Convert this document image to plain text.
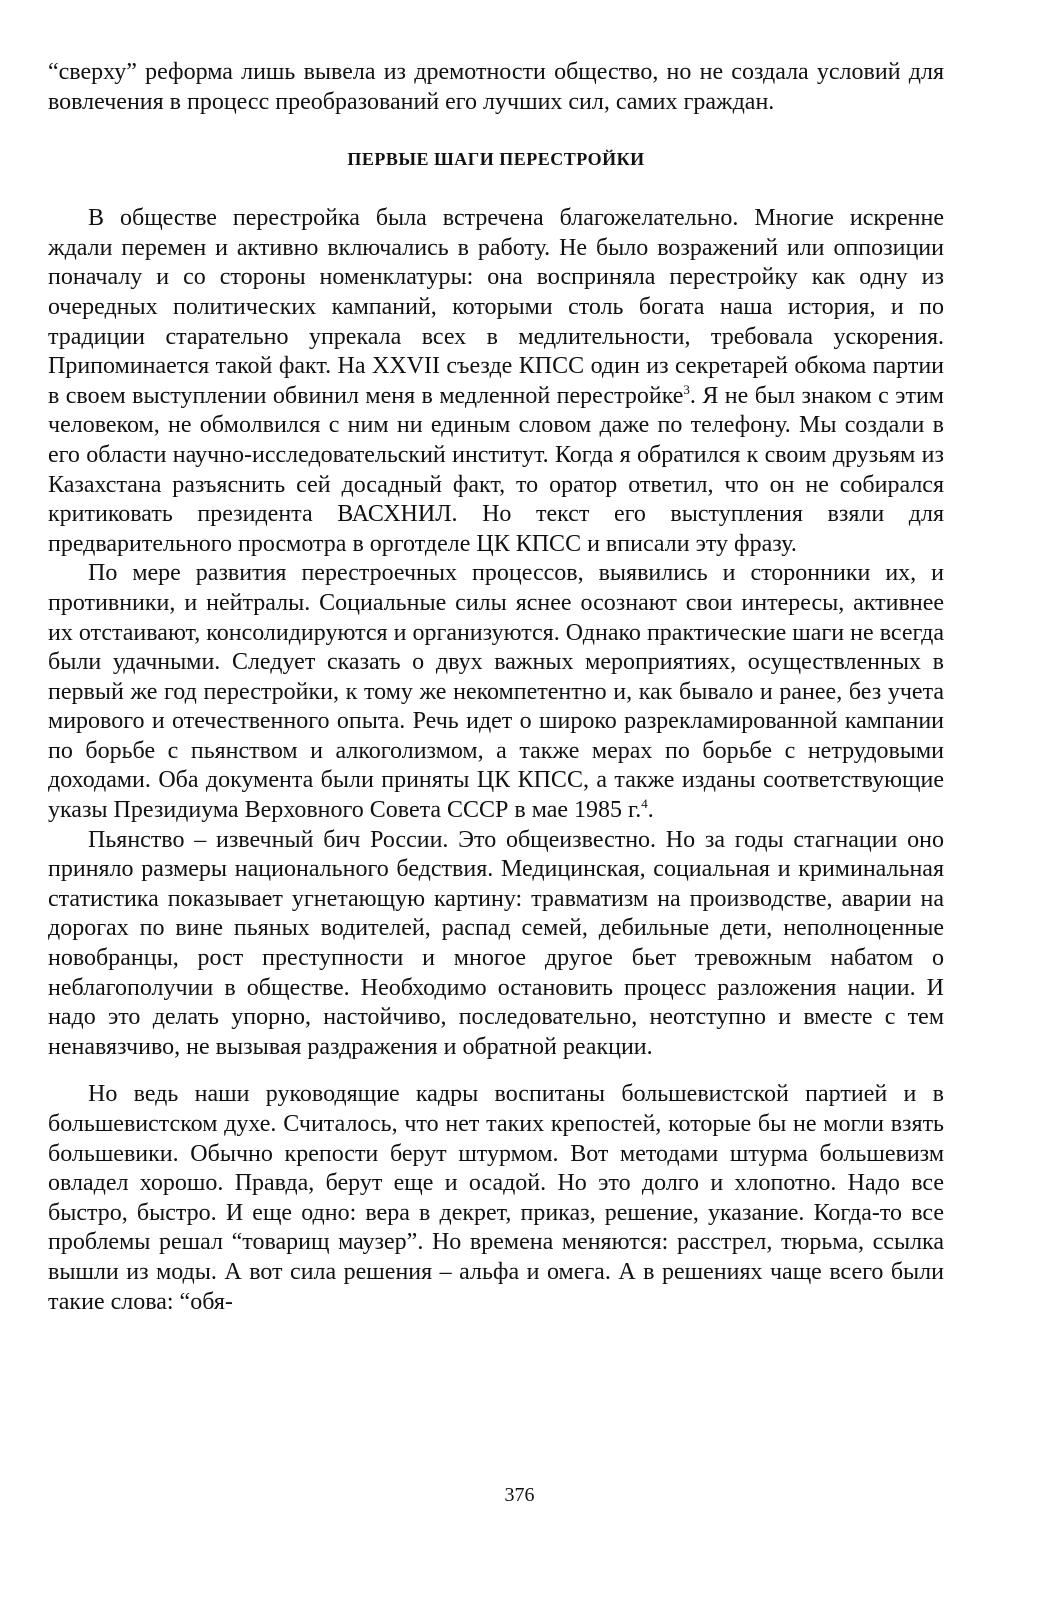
“сверху” реформа лишь вывела из дремотности общество, но не создала условий для вовлечения в процесс преобразований его лучших сил, самих граждан.

ПЕРВЫЕ ШАГИ ПЕРЕСТРОЙКИ

В обществе перестройка была встречена благожелательно. Многие искренне ждали перемен и активно включались в работу. Не было возражений или оппозиции поначалу и со стороны номенклатуры: она восприняла перестройку как одну из очередных политических кампаний, которыми столь богата наша история, и по традиции старательно упрекала всех в медлительности, требовала ускорения. Припоминается такой факт. На XXVII съезде КПСС один из секретарей обкома партии в своем выступлении обвинил меня в медленной перестройке$^3$. Я не был знаком с этим человеком, не обмолвился с ним ни единым словом даже по телефону. Мы создали в его области научно-исследовательский институт. Когда я обратился к своим друзьям из Казахстана разъяснить сей досадный факт, то оратор ответил, что он не собирался критиковать президента ВАСХНИЛ. Но текст его выступления взяли для предварительного просмотра в орготделе ЦК КПСС и вписали эту фразу.

По мере развития перестроечных процессов, выявились и сторонники их, и противники, и нейтралы. Социальные силы яснее осознают свои интересы, активнее их отстаивают, консолидируются и организуются. Однако практические шаги не всегда были удачными. Следует сказать о двух важных мероприятиях, осуществленных в первый же год перестройки, к тому же некомпетентно и, как бывало и ранее, без учета мирового и отечественного опыта. Речь идет о широко разрекламированной кампании по борьбе с пьянством и алкоголизмом, а также мерах по борьбе с нетрудовыми доходами. Оба документа были приняты ЦК КПСС, а также изданы соответствующие указы Президиума Верховного Совета СССР в мае 1985 г.$^4$.

Пьянство – извечный бич России. Это общеизвестно. Но за годы стагнации оно приняло размеры национального бедствия. Медицинская, социальная и криминальная статистика показывает угнетающую картину: травматизм на производстве, аварии на дорогах по вине пьяных водителей, распад семей, дебильные дети, неполноценные новобранцы, рост преступности и многое другое бьет тревожным набатом о неблагополучии в обществе. Необходимо остановить процесс разложения нации. И надо это делать упорно, настойчиво, последовательно, неотступно и вместе с тем ненавязчиво, не вызывая раздражения и обратной реакции.

Но ведь наши руководящие кадры воспитаны большевистской партией и в большевистском духе. Считалось, что нет таких крепостей, которые бы не могли взять большевики. Обычно крепости берут штурмом. Вот методами штурма большевизм овладел хорошо. Правда, берут еще и осадой. Но это долго и хлопотно. Надо все быстро, быстро. И еще одно: вера в декрет, приказ, решение, указание. Когда-то все проблемы решал “товарищ маузер”. Но времена меняются: расстрел, тюрьма, ссылка вышли из моды. А вот сила решения – альфа и омега. А в решениях чаще всего были такие слова: “обя-

376
